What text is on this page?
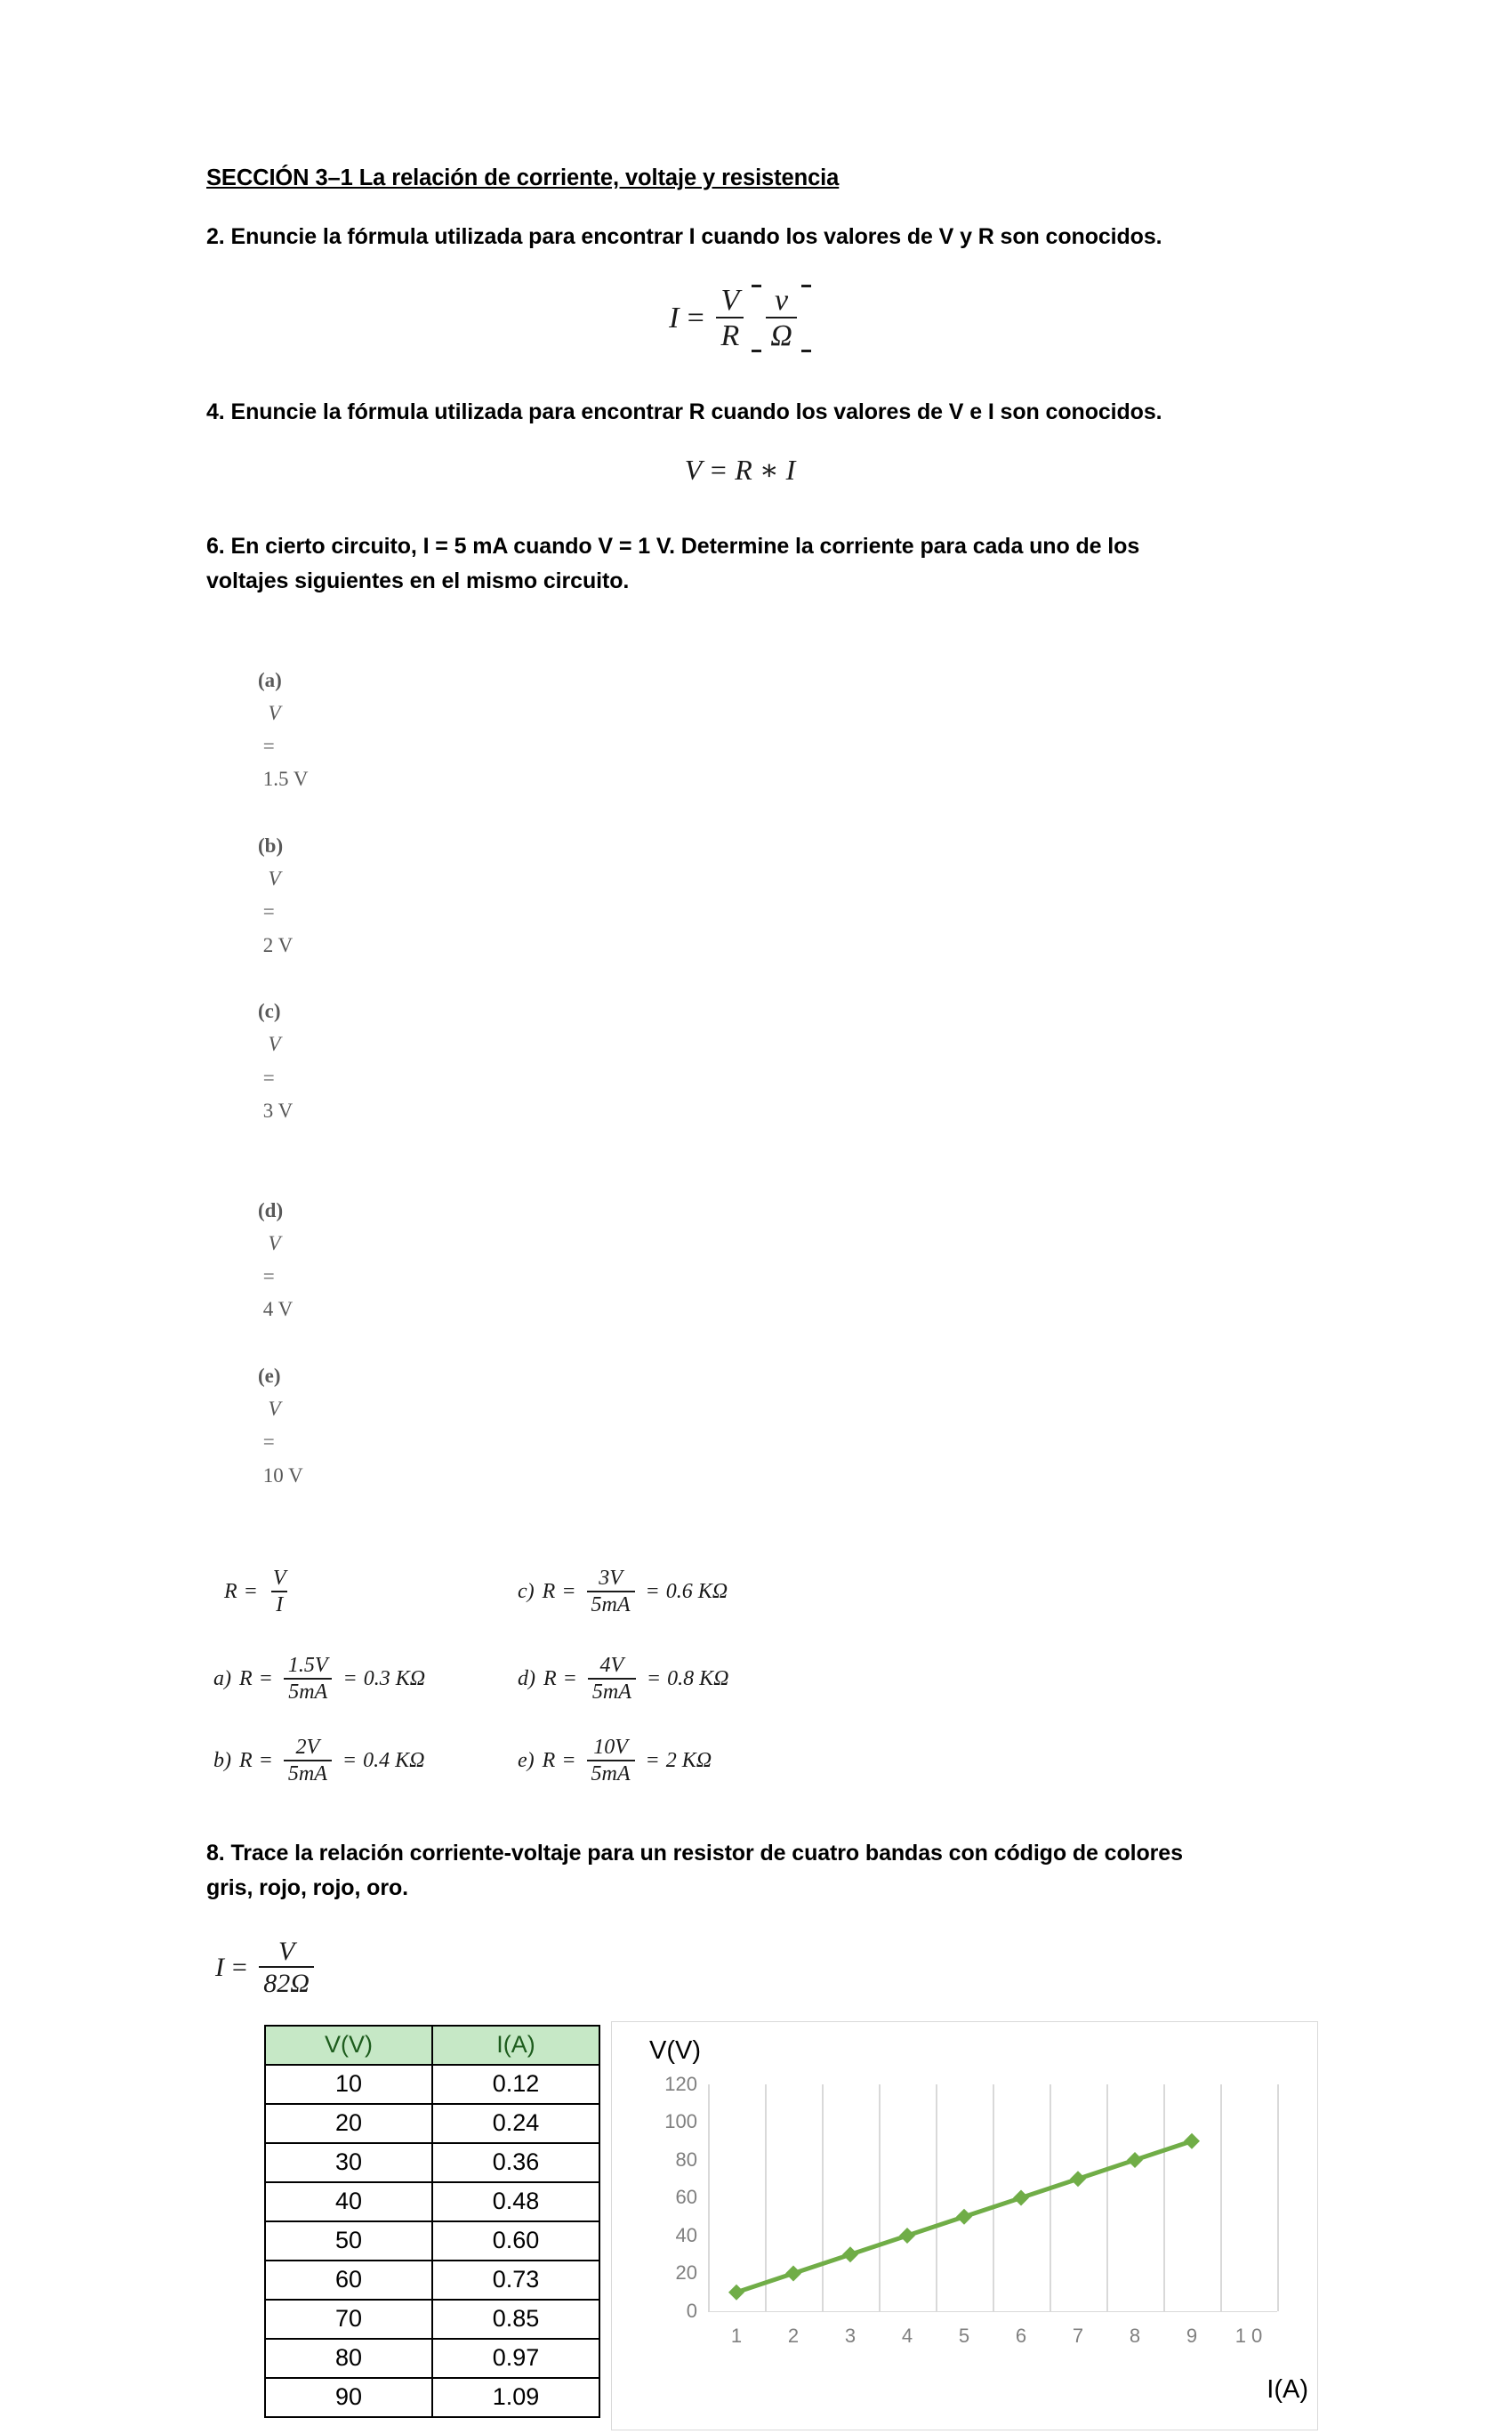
SECCIÓN 3–1 La relación de corriente, voltaje y resistencia

2. Enuncie la fórmula utilizada para encontrar I cuando los valores de V y R son conocidos.

$I = \frac{V}{R} \frac{v}{\Omega}$

4. Enuncie la fórmula utilizada para encontrar R cuando los valores de V e I son conocidos.

V = R ∗ I

6. En cierto circuito, I = 5 mA cuando V = 1 V. Determine la corriente para cada uno de los

voltajes siguientes en el mismo circuito.

(a)
V
=
1.5 V

(b)
V
=
2 V

(c)
V
=
3 V

(d)
V
=
4 V

(e)
V
=
10 V

$R = \frac{V}{I}$
a) $R = \frac{1.5V}{5mA} = 0.3$ KΩ
b) $R = \frac{2V}{5mA} = 0.4$ KΩ
c) $R = \frac{3V}{5mA} = 0.6$ KΩ
d) $R = \frac{4V}{5mA} = 0.8$ KΩ
e) $R = \frac{10V}{5mA} = 2$ KΩ

8. Trace la relación corriente-voltaje para un resistor de cuatro bandas con código de colores

gris, rojo, rojo, oro.

$I = \frac{V}{82\Omega}$
V(V)	I(A)
10	0.12
20	0.24
30	0.36
40	0.48
50	0.60
60	0.73
70	0.85
80	0.97
90	1.09
V(V)
I(A)
0
20
40
60
80
100
120
1 2 3 4 5 6 7 8 9 1 0
